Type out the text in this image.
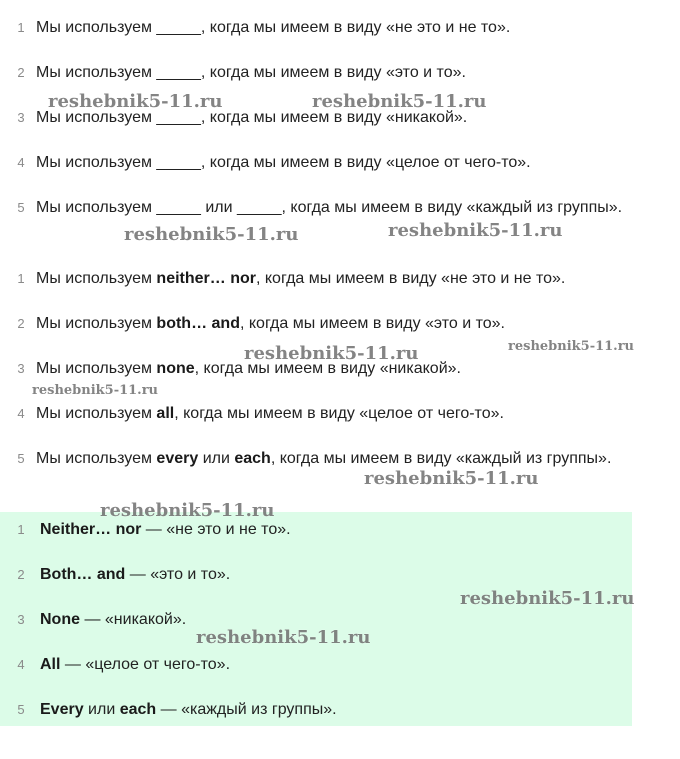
1 Мы используем _____, когда мы имеем в виду «не это и не то».
2 Мы используем _____, когда мы имеем в виду «это и то».
3 Мы используем _____, когда мы имеем в виду «никакой».
4 Мы используем _____, когда мы имеем в виду «целое от чего-то».
5 Мы используем _____ или _____, когда мы имеем в виду «каждый из группы».
1 Мы используем neither… nor, когда мы имеем в виду «не это и не то».
2 Мы используем both… and, когда мы имеем в виду «это и то».
3 Мы используем none, когда мы имеем в виду «никакой».
4 Мы используем all, когда мы имеем в виду «целое от чего-то».
5 Мы используем every или each, когда мы имеем в виду «каждый из группы».
1 Neither… nor — «не это и не то».
2 Both… and — «это и то».
3 None — «никакой».
4 All — «целое от чего-то».
5 Every или each — «каждый из группы».
reshebnik5-11.ru	reshebnik5-11.ru
reshebnik5-11.ru	reshebnik5-11.ru
reshebnik5-11.ru	reshebnik5-11.ru
reshebnik5-11.ru
reshebnik5-11.ru
reshebnik5-11.ru
reshebnik5-11.ru
reshebnik5-11.ru
